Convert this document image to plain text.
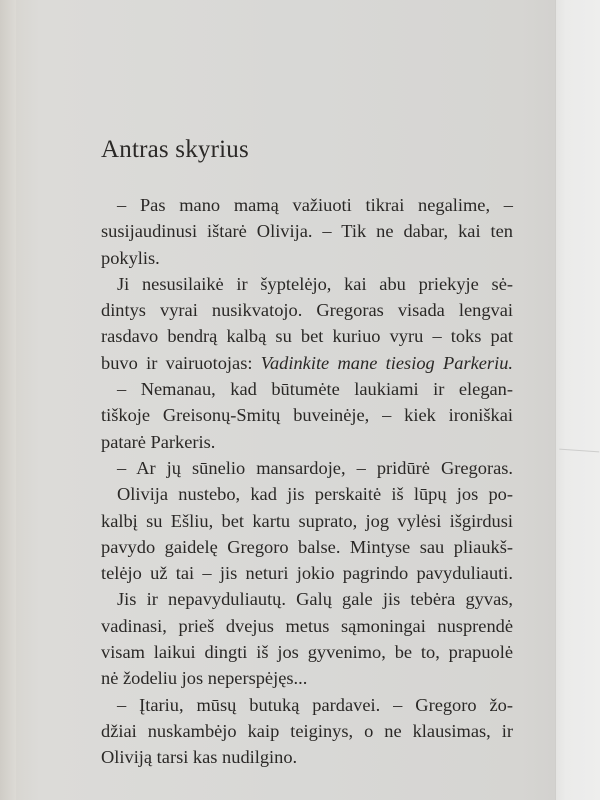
Antras skyrius
– Pas mano mamą važiuoti tikrai negalime, –
susijaudinusi ištarė Olivija. – Tik ne dabar, kai ten
pokylis.
Ji nesusilaikė ir šyptelėjo, kai abu priekyje sė-
dintys vyrai nusikvatojo. Gregoras visada lengvai
rasdavo bendrą kalbą su bet kuriuo vyru – toks pat
buvo ir vairuotojas: Vadinkite mane tiesiog Parkeriu.
– Nemanau, kad būtumėte laukiami ir elegan-
tiškoje Greisonų-Smitų buveinėje, – kiek ironiškai
patarė Parkeris.
– Ar jų sūnelio mansardoje, – pridūrė Gregoras.
Olivija nustebo, kad jis perskaitė iš lūpų jos po-
kalbį su Ešliu, bet kartu suprato, jog vylėsi išgirdusi
pavydo gaidelę Gregoro balse. Mintyse sau pliaukš-
telėjo už tai – jis neturi jokio pagrindo pavyduliauti.
Jis ir nepavyduliautų. Galų gale jis tebėra gyvas,
vadinasi, prieš dvejus metus sąmoningai nusprendė
visam laikui dingti iš jos gyvenimo, be to, prapuolė
nė žodeliu jos neperspėjęs...
– Įtariu, mūsų butuką pardavei. – Gregoro žo-
džiai nuskambėjo kaip teiginys, o ne klausimas, ir
Oliviją tarsi kas nudilgino.
